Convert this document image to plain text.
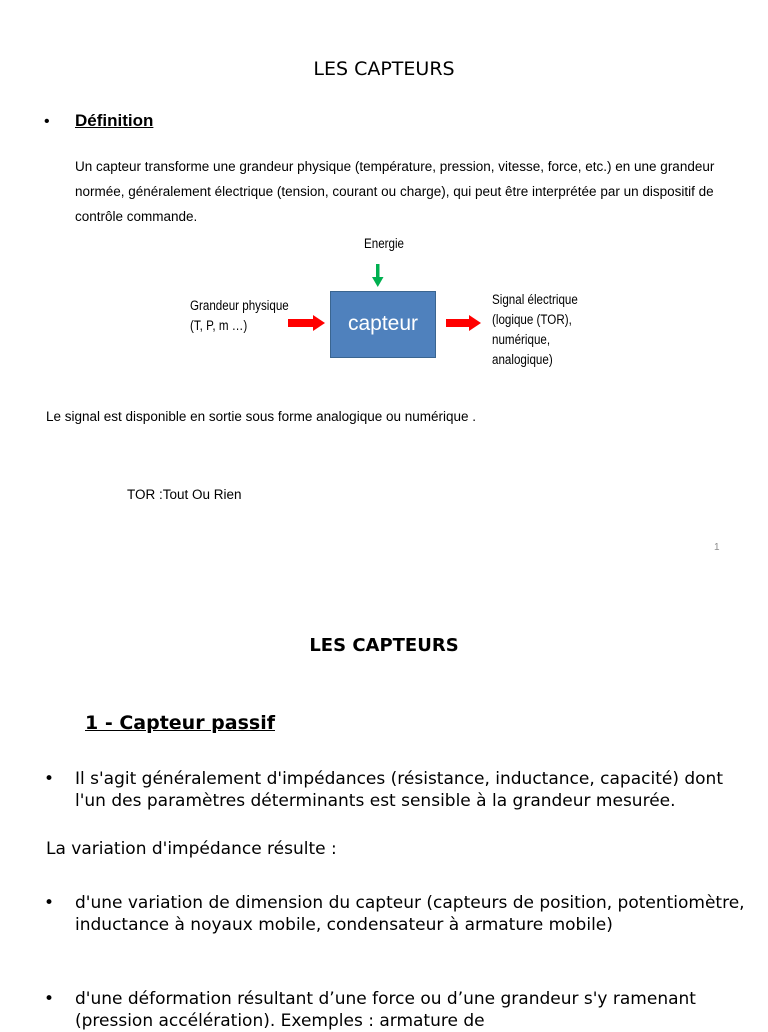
LES CAPTEURS
• Définition
Un capteur transforme une grandeur physique (température, pression, vitesse, force, etc.) en une grandeur normée, généralement électrique (tension, courant ou charge), qui peut être interprétée par un dispositif de contrôle commande.
Energie
Grandeur physique
(T, P, m …)	capteur
Signal électrique
(logique (TOR),
numérique,
analogique)
Le signal est disponible en sortie sous forme analogique ou numérique .
TOR :Tout Ou Rien
1
LES CAPTEURS
1 - Capteur passif
• Il s'agit généralement d'impédances (résistance, inductance, capacité) dont l'un des paramètres déterminants est sensible à la grandeur mesurée.
La variation d'impédance résulte :
• d'une variation de dimension du capteur (capteurs de position, potentiomètre, inductance à noyaux mobile, condensateur à armature mobile)
• d'une déformation résultant d’une force ou d’une grandeur s'y ramenant (pression accélération). Exemples : armature de
